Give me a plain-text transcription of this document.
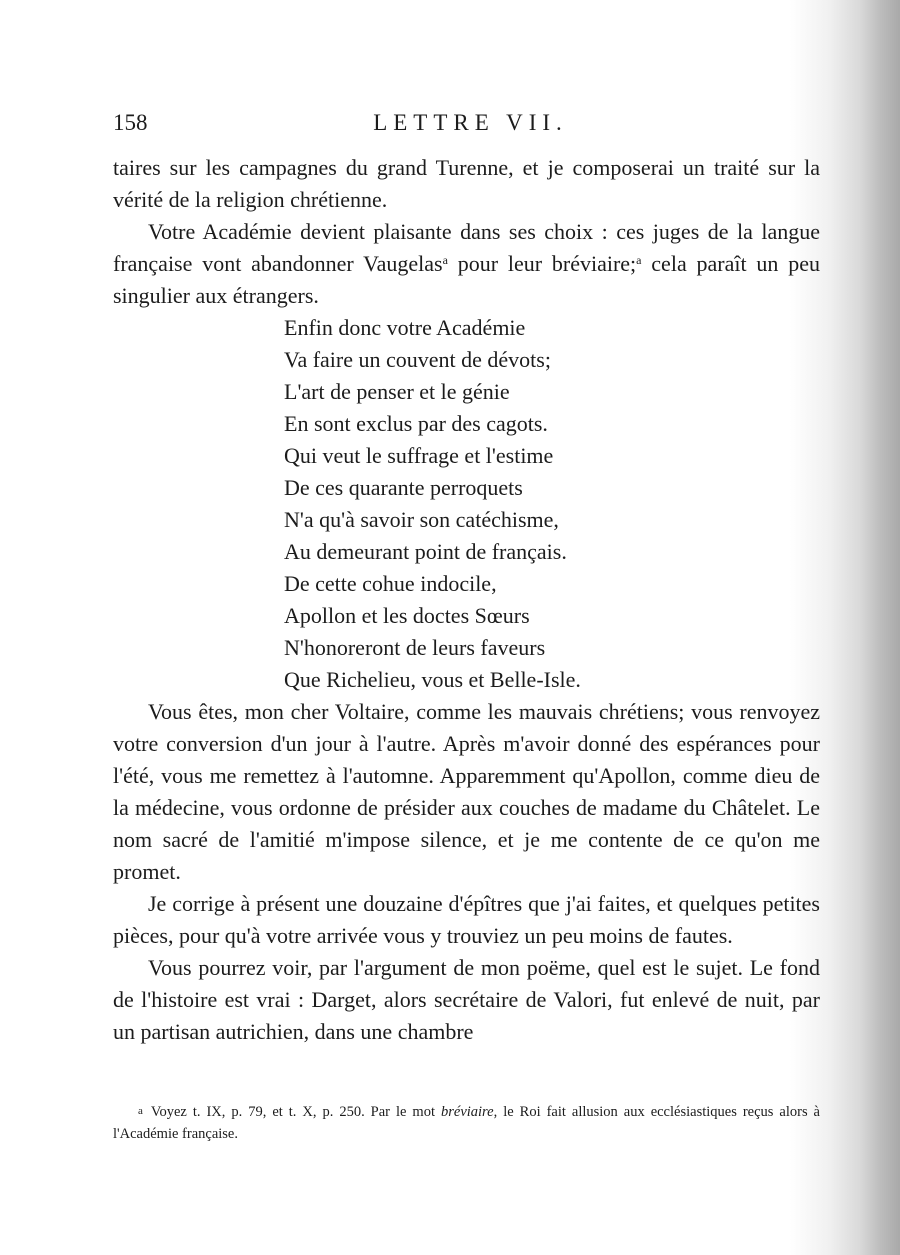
158	LETTRE VII.

taires sur les campagnes du grand Turenne, et je composerai un traité sur la vérité de la religion chrétienne.

Votre Académie devient plaisante dans ses choix : ces juges de la langue française vont abandonner Vaugelas$^a$ pour leur bréviaire;$^a$ cela paraît un peu singulier aux étrangers.

Enfin donc votre Académie
Va faire un couvent de dévots;
L'art de penser et le génie
En sont exclus par des cagots.
Qui veut le suffrage et l'estime
De ces quarante perroquets
N'a qu'à savoir son catéchisme,
Au demeurant point de français.
De cette cohue indocile,
Apollon et les doctes Sœurs
N'honoreront de leurs faveurs
Que Richelieu, vous et Belle-Isle.

Vous êtes, mon cher Voltaire, comme les mauvais chrétiens; vous renvoyez votre conversion d'un jour à l'autre. Après m'avoir donné des espérances pour l'été, vous me remettez à l'automne. Apparemment qu'Apollon, comme dieu de la médecine, vous ordonne de présider aux couches de madame du Châtelet. Le nom sacré de l'amitié m'impose silence, et je me contente de ce qu'on me promet.

Je corrige à présent une douzaine d'épîtres que j'ai faites, et quelques petites pièces, pour qu'à votre arrivée vous y trouviez un peu moins de fautes.

Vous pourrez voir, par l'argument de mon poëme, quel est le sujet. Le fond de l'histoire est vrai : Darget, alors secrétaire de Valori, fut enlevé de nuit, par un partisan autrichien, dans une chambre

a Voyez t. IX, p. 79, et t. X, p. 250. Par le mot bréviaire, le Roi fait allusion aux ecclésiastiques reçus alors à l'Académie française.
